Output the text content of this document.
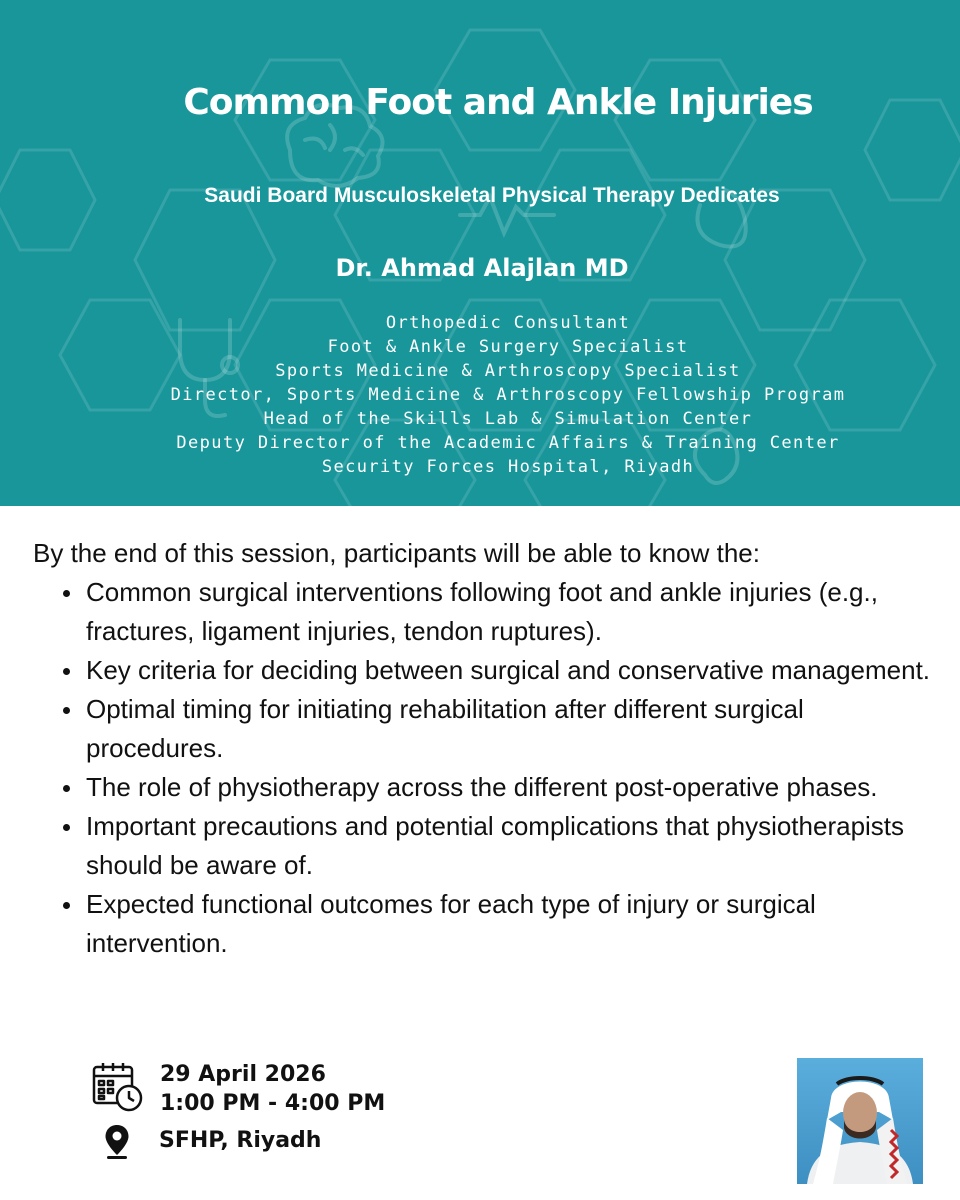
Common Foot and Ankle Injuries
Saudi Board Musculoskeletal Physical Therapy Dedicates
Dr. Ahmad Alajlan MD
Orthopedic Consultant
Foot & Ankle Surgery Specialist
Sports Medicine & Arthroscopy Specialist
Director, Sports Medicine & Arthroscopy Fellowship Program
Head of the Skills Lab & Simulation Center
Deputy Director of the Academic Affairs & Training Center
Security Forces Hospital, Riyadh
By the end of this session, participants will be able to know the:
Common surgical interventions following foot and ankle injuries (e.g., fractures, ligament injuries, tendon ruptures).
Key criteria for deciding between surgical and conservative management.
Optimal timing for initiating rehabilitation after different surgical procedures.
The role of physiotherapy across the different post-operative phases.
Important precautions and potential complications that physiotherapists should be aware of.
Expected functional outcomes for each type of injury or surgical intervention.
29 April 2026
1:00 PM - 4:00 PM
SFHP, Riyadh
